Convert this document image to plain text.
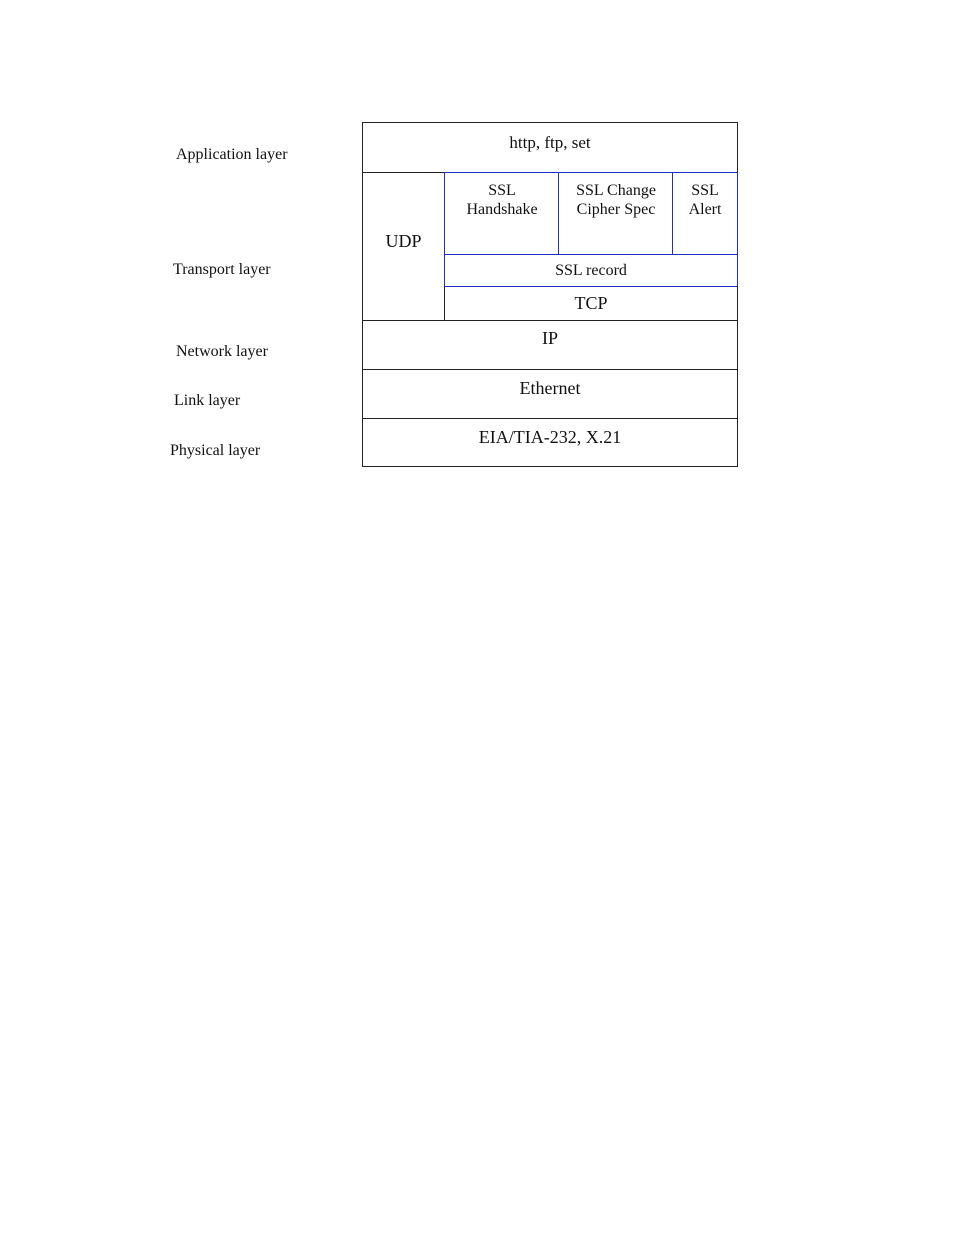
Application layer
Transport layer
Network layer
Link layer
Physical layer
http, ftp, set
UDP
SSL
Handshake
SSL Change
Cipher Spec
SSL
Alert
SSL record
TCP
IP
Ethernet
EIA/TIA-232, X.21
